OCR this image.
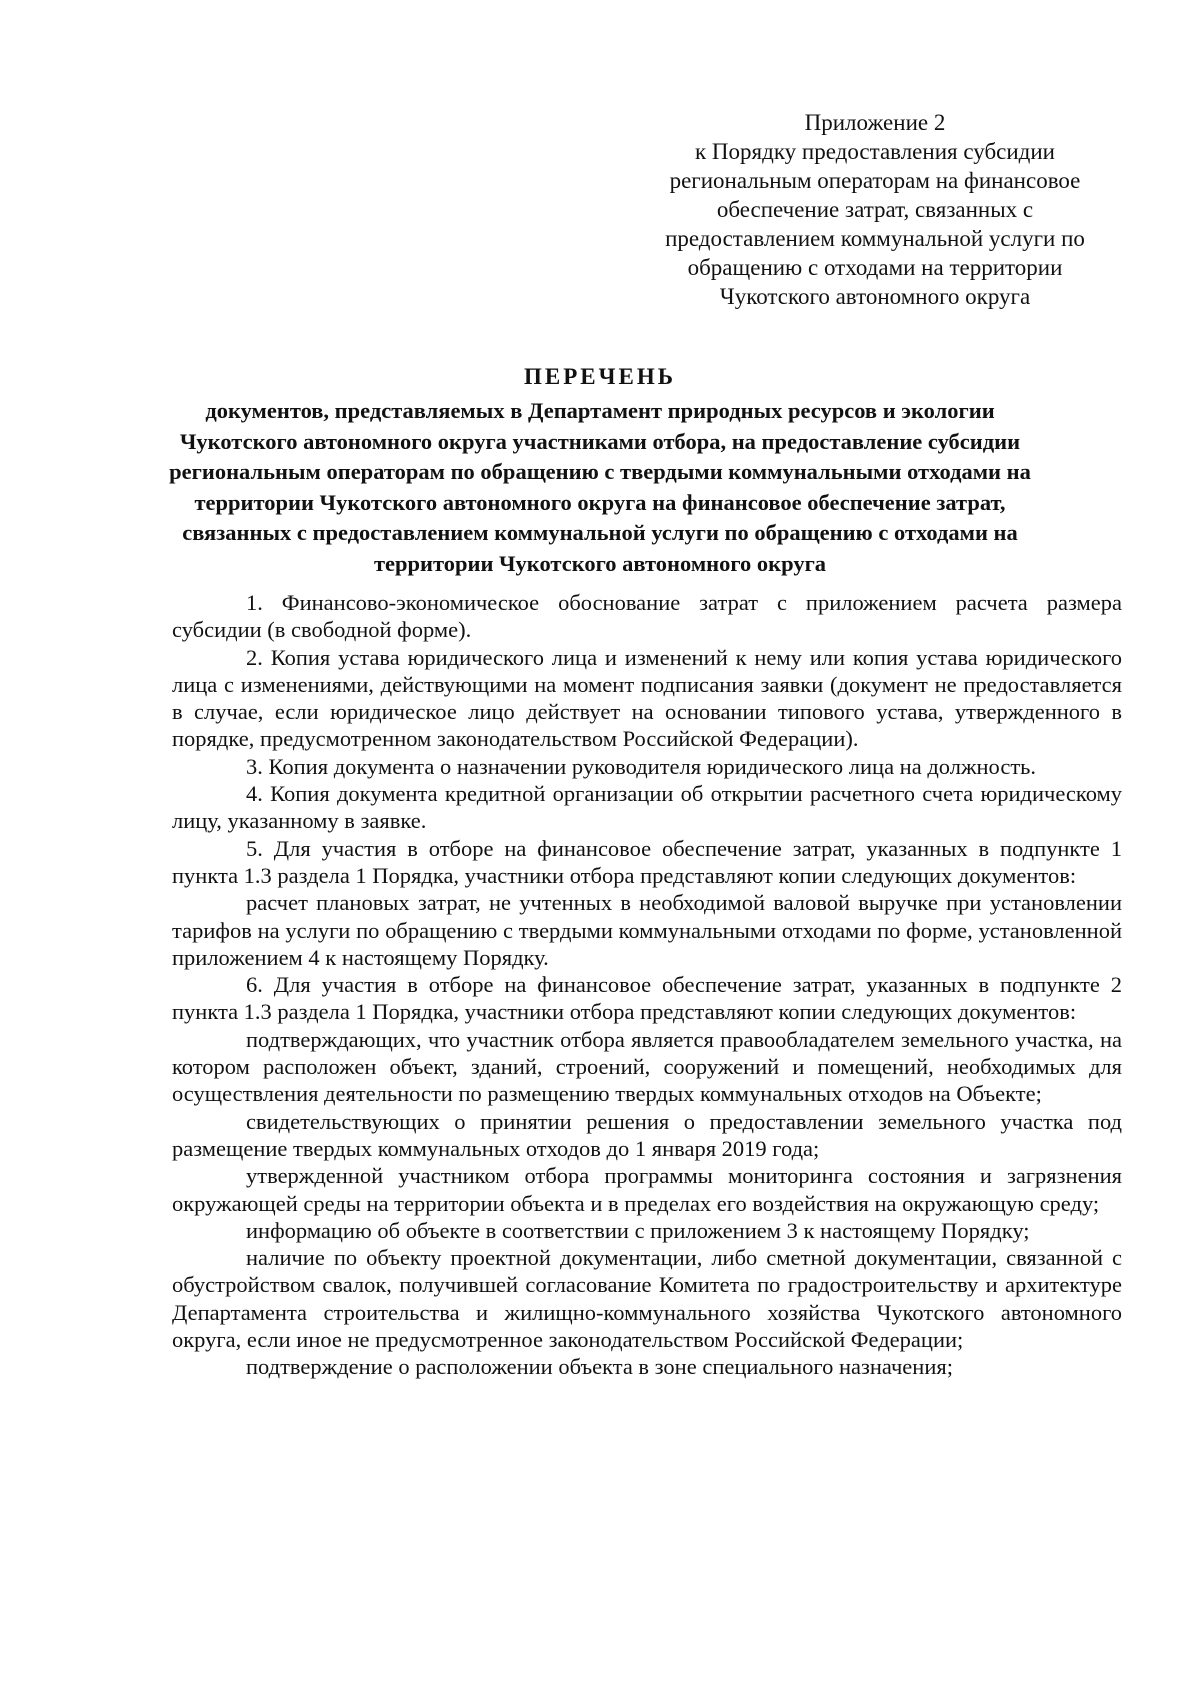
Приложение 2
к Порядку предоставления субсидии
региональным операторам на финансовое
обеспечение затрат, связанных с
предоставлением коммунальной услуги по
обращению с отходами на территории
Чукотского автономного округа
ПЕРЕЧЕНЬ
документов, представляемых в Департамент природных ресурсов и экологии
Чукотского автономного округа участниками отбора, на предоставление субсидии
региональным операторам по обращению с твердыми коммунальными отходами на
территории Чукотского автономного округа на финансовое обеспечение затрат,
связанных с предоставлением коммунальной услуги по обращению с отходами на
территории Чукотского автономного округа

1. Финансово-экономическое обоснование затрат с приложением расчета размера субсидии (в свободной форме).

2. Копия устава юридического лица и изменений к нему или копия устава юридического лица с изменениями, действующими на момент подписания заявки (документ не предоставляется в случае, если юридическое лицо действует на основании типового устава, утвержденного в порядке, предусмотренном законодательством Российской Федерации).

3. Копия документа о назначении руководителя юридического лица на должность.

4. Копия документа кредитной организации об открытии расчетного счета юридическому лицу, указанному в заявке.

5. Для участия в отборе на финансовое обеспечение затрат, указанных в подпункте 1 пункта 1.3 раздела 1 Порядка, участники отбора представляют копии следующих документов:

расчет плановых затрат, не учтенных в необходимой валовой выручке при установлении тарифов на услуги по обращению с твердыми коммунальными отходами по форме, установленной приложением 4 к настоящему Порядку.

6. Для участия в отборе на финансовое обеспечение затрат, указанных в подпункте 2 пункта 1.3 раздела 1 Порядка, участники отбора представляют копии следующих документов:

подтверждающих, что участник отбора является правообладателем земельного участка, на котором расположен объект, зданий, строений, сооружений и помещений, необходимых для осуществления деятельности по размещению твердых коммунальных отходов на Объекте;

свидетельствующих о принятии решения о предоставлении земельного участка под размещение твердых коммунальных отходов до 1 января 2019 года;

утвержденной участником отбора программы мониторинга состояния и загрязнения окружающей среды на территории объекта и в пределах его воздействия на окружающую среду;

информацию об объекте в соответствии с приложением 3 к настоящему Порядку;

наличие по объекту проектной документации, либо сметной документации, связанной с обустройством свалок, получившей согласование Комитета по градостроительству и архитектуре Департамента строительства и жилищно-коммунального хозяйства Чукотского автономного округа, если иное не предусмотренное законодательством Российской Федерации;

подтверждение о расположении объекта в зоне специального назначения;
